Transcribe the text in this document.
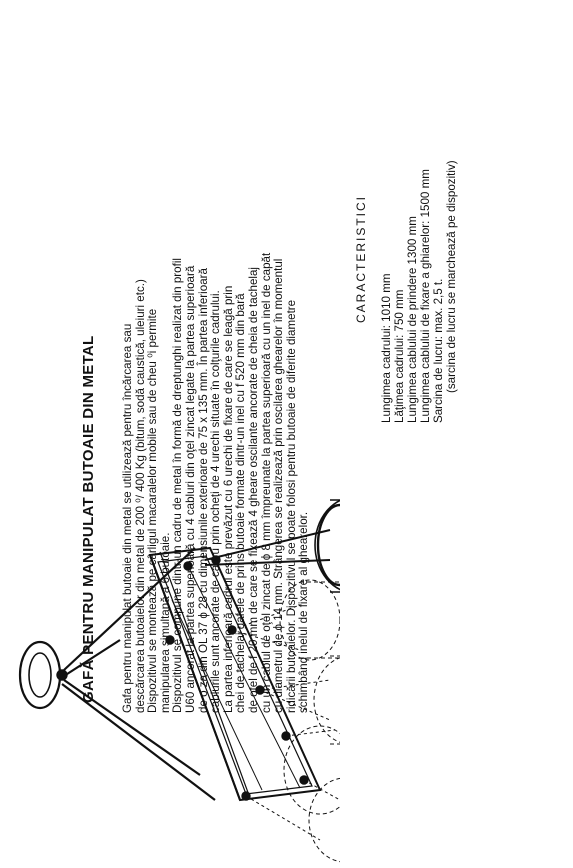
GAFĂ PENTRU MANIPULAT BUTOAIE DIN METAL Gafa pentru manipulat butoaie din metal se utilizează pentru încărcarea sau descărcarea butoaielor din metal de 200 ⁰/ 400 Kg (bitum, sodă caustică, uleiuri etc.) Dispozitivul se montează pe cârligul macaralelor mobile sau de cheu ⁰i permite manipularea simultană a 6 butoaie. Dispozitivul se compune dintr-un cadru de metal în formă de dreptunghi realizat din profil U60 ancorat la partea superioară cu 4 cabluri din oţel zincat legate la partea superioară de o za din OL 37 ϕ 28 cu dimensiunile exterioare de 75 x 135 mm. În partea inferioară cablurile sunt ancorate de cadru prin ocheţi de 4 urechi situate în colţurile cadrului. La partea inferioară cadrul este prevăzut cu 6 urechi de fixare de care se leagă prin chei de tachelaj gafele de prins butoaie formate dintr-un inel cu f 520 mm din bară de oţel de f 20 mm de care se fixează 4 gheare oscilante ancorate de cheia de tachelaj cu un cablul de oţel zincat de ϕ 8 mm împreunate la partea superioară cu un inel de capăt cu diametrul de ϕ 14 mm. Strângerea se realizează prin oscilarea ghearelor în momentul ridicării butoaielor. Dispozitivul se poate folosi pentru butoaie de diferite diametre schimbând inelul de fixare al ghearelor.
CARACTERISTICI
Lungimea cadrului: 1010 mm Lăţimea cadrului: 750 mm Lungimea cablului de prindere 1300 mm Lungimea cablului de fixare a ghiarelor: 1500 mm Sarcina de lucru: max. 2,5 t. (sarcina de lucru se marchează pe dispozitiv)
